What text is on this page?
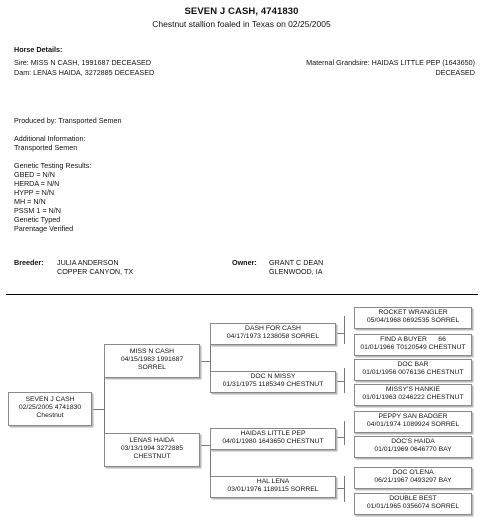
SEVEN J CASH, 4741830
Chestnut stallion foaled in Texas on 02/25/2005
Horse Details:
Sire: MISS N CASH, 1991687 DECEASED
Dam: LENAS HAIDA, 3272885 DECEASED
Maternal Grandsire: HAIDAS LITTLE PEP (1643650)
DECEASED
Produced by: Transported Semen
Additional Information:
Transported Semen
Genetic Testing Results:
GBED = N/N
HERDA = N/N
HYPP = N/N
MH = N/N
PSSM 1 = N/N
Genetic Typed
Parentage Verified
Breeder: JULIA ANDERSON
COPPER CANYON, TX
Owner: GRANT C DEAN
GLENWOOD, IA
SEVEN J CASH
02/25/2005 4741830
Chestnut
MISS N CASH
04/15/1983 1991687
SORREL
LENAS HAIDA
03/13/1994 3272885
CHESTNUT
DASH FOR CASH
04/17/1973 1238058 SORREL
DOC N MISSY
01/31/1975 1185349 CHESTNUT
HAIDAS LITTLE PEP
04/01/1980 1643650 CHESTNUT
HAL LENA
03/01/1976 1189115 SORREL
ROCKET WRANGLER
05/04/1968 0692535 SORREL
FIND A BUYER      66
01/01/1966 T0120549 CHESTNUT
DOC BAR
01/01/1956 0076136 CHESTNUT
MISSY'S HANKIE
01/01/1963 0246222 CHESTNUT
PEPPY SAN BADGER
04/01/1974 1089924 SORREL
DOC'S HAIDA
01/01/1969 0646770 BAY
DOC O'LENA
06/21/1967 0493297 BAY
DOUBLE BEST
01/01/1965 0356074 SORREL
